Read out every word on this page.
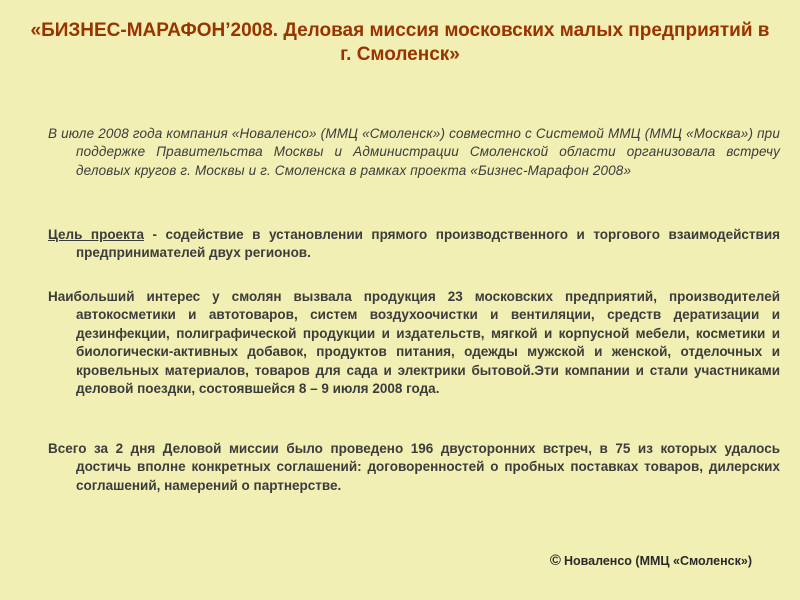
«БИЗНЕС-МАРАФОН’2008. Деловая миссия московских малых предприятий в г. Смоленск»

В июле 2008 года компания «Новаленсо» (ММЦ «Смоленск») совместно с Системой ММЦ (ММЦ «Москва») при поддержке Правительства Москвы и Администрации Смоленской области организовала встречу деловых кругов г. Москвы и г. Смоленска в рамках проекта «Бизнес-Марафон 2008»

Цель проекта - содействие в установлении прямого производственного и торгового взаимодействия предпринимателей двух регионов.

Наибольший интерес у смолян вызвала продукция 23 московских предприятий, производителей автокосметики и автотоваров, систем воздухоочистки и вентиляции, средств дератизации и дезинфекции, полиграфической продукции и издательств, мягкой и корпусной мебели, косметики и биологически-активных добавок, продуктов питания, одежды мужской и женской, отделочных и кровельных материалов, товаров для сада и электрики бытовой.Эти компании и стали участниками деловой поездки, состоявшейся 8 – 9 июля 2008 года.

Всего за 2 дня Деловой миссии было проведено 196 двусторонних встреч, в 75 из которых удалось достичь вполне конкретных соглашений: договоренностей о пробных поставках товаров, дилерских соглашений, намерений о партнерстве.

© Новаленсо (ММЦ «Смоленск»)
